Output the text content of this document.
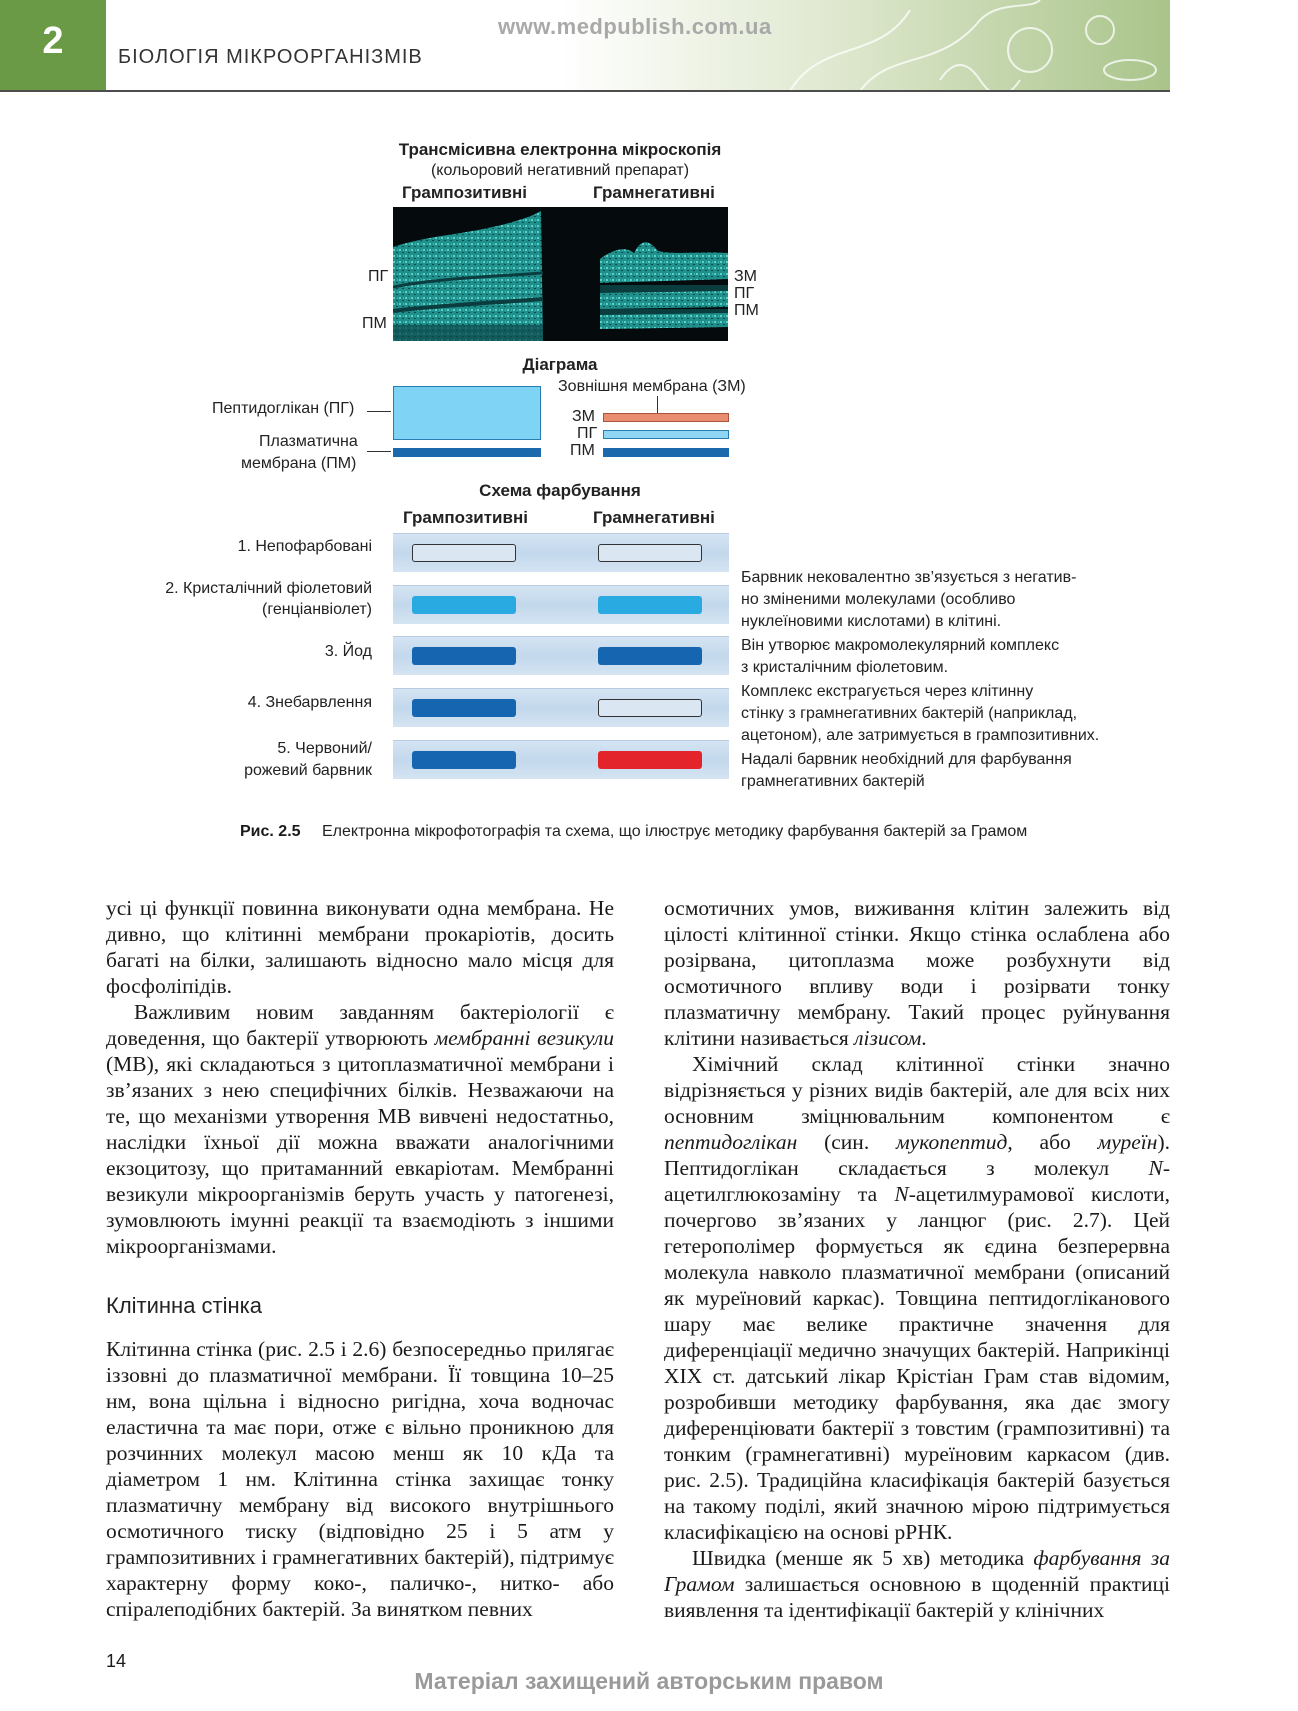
2	БІОЛОГІЯ МІКРООРГАНІЗМІВ
www.medpublish.com.ua
Трансмісивна електронна мікроскопія
(кольоровий негативний препарат)
Грампозитивні	Грамнегативні
ПГ
ПМ
ЗМ
ПГ
ПМ
Діаграма
Зовнішня мембрана (ЗМ)
Пептидоглікан (ПГ)
Плазматична
мембрана (ПМ)
ЗМ
ПГ
ПМ
Схема фарбування
Грампозитивні	Грамнегативні
1. Непофарбовані
2. Кристалічний фіолетовий
(генціанвіолет)
3. Йод
4. Знебарвлення
5. Червоний/
рожевий барвник
Барвник нековалентно зв’язується з негатив-
но зміненими молекулами (особливо
нуклеїновими кислотами) в клітині.
Він утворює макромолекулярний комплекс
з кристалічним фіолетовим.
Комплекс екстрагується через клітинну
стінку з грамнегативних бактерій (наприклад,
ацетоном), але затримується в грампозитивних.
Надалі барвник необхідний для фарбування
грамнегативних бактерій
Рис. 2.5 Електронна мікрофотографія та схема, що ілюструє методику фарбування бактерій за Грамом

усі ці функції повинна виконувати одна мембрана. Не дивно, що клітинні мембрани прокаріотів, досить багаті на білки, залишають відносно мало місця для фосфоліпідів.

Важливим новим завданням бактеріології є доведення, що бактерії утворюють мембранні везикули (МВ), які складаються з цитоплазматичної мембрани і зв’язаних з нею специфічних білків. Незважаючи на те, що механізми утворення МВ вивчені недостатньо, наслідки їхньої дії можна вважати аналогічними екзоцитозу, що притаманний евкаріотам. Мембранні везикули мікроорганізмів беруть участь у патогенезі, зумовлюють імунні реакції та взаємодіють з іншими мікроорганізмами.

Клітинна стінка

Клітинна стінка (рис. 2.5 і 2.6) безпосередньо прилягає іззовні до плазматичної мембрани. Її товщина 10–25 нм, вона щільна і відносно ригідна, хоча водночас еластична та має пори, отже є вільно проникною для розчинних молекул масою менш як 10 кДа та діаметром 1 нм. Клітинна стінка захищає тонку плазматичну мембрану від високого внутрішнього осмотичного тиску (відповідно 25 і 5 атм у грампозитивних і грамнегативних бактерій), підтримує характерну форму коко-, паличко-, нитко- або спіралеподібних бактерій. За винятком певних

осмотичних умов, виживання клітин залежить від цілості клітинної стінки. Якщо стінка ослаблена або розірвана, цитоплазма може розбухнути від осмотичного впливу води і розірвати тонку плазматичну мембрану. Такий процес руйнування клітини називається лізисом.

Хімічний склад клітинної стінки значно відрізняється у різних видів бактерій, але для всіх них основним зміцнювальним компонентом є пептидоглікан (син. мукопептид, або муреїн). Пептидоглікан складається з молекул N-ацетилглюкозаміну та N-ацетилмурамової кислоти, почергово зв’язаних у ланцюг (рис. 2.7). Цей гетерополімер формується як єдина безперервна молекула навколо плазматичної мембрани (описаний як муреїновий каркас). Товщина пептидогліканового шару має велике практичне значення для диференціації медично значущих бактерій. Наприкінці XIX ст. датський лікар Крістіан Грам став відомим, розробивши методику фарбування, яка дає змогу диференціювати бактерії з товстим (грампозитивні) та тонким (грамнегативні) муреїновим каркасом (див. рис. 2.5). Традиційна класифікація бактерій базується на такому поділі, який значною мірою підтримується класифікацією на основі рРНК.

Швидка (менше як 5 хв) методика фарбування за Грамом залишається основною в щоденній практиці виявлення та ідентифікації бактерій у клінічних

14
Матеріал захищений авторським правом
